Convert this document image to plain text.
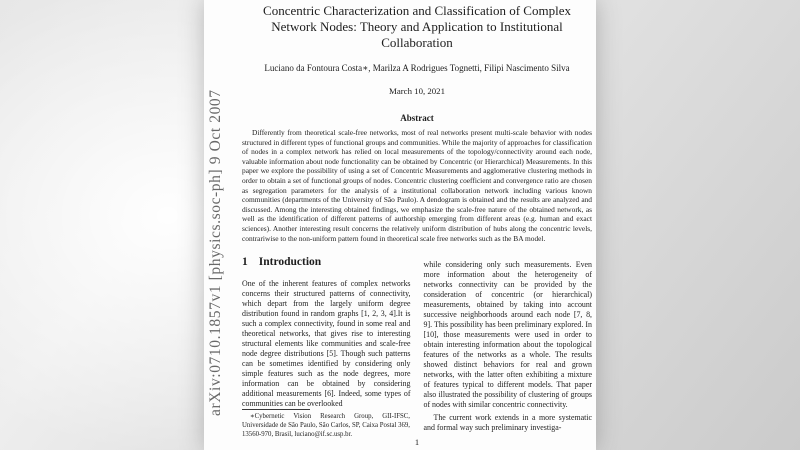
arXiv:0710.1857v1 [physics.soc-ph] 9 Oct 2007
Concentric Characterization and Classification of Complex Network Nodes: Theory and Application to Institutional Collaboration
Luciano da Fontoura Costa∗, Marilza A Rodrigues Tognetti, Filipi Nascimento Silva
March 10, 2021
Abstract

Differently from theoretical scale-free networks, most of real networks present multi-scale behavior with nodes structured in different types of functional groups and communities. While the majority of approaches for classification of nodes in a complex network has relied on local measurements of the topology/connectivity around each node, valuable information about node functionality can be obtained by Concentric (or Hierarchical) Measurements. In this paper we explore the possibility of using a set of Concentric Measurements and agglomerative clustering methods in order to obtain a set of functional groups of nodes. Concentric clustering coefficient and convergence ratio are chosen as segregation parameters for the analysis of a institutional collaboration network including various known communities (departments of the University of São Paulo). A dendogram is obtained and the results are analyzed and discussed. Among the interesting obtained findings, we emphasize the scale-free nature of the obtained network, as well as the identification of different patterns of authorship emerging from different areas (e.g. human and exact sciences). Another interesting result concerns the relatively uniform distribution of hubs along the concentric levels, contrariwise to the non-uniform pattern found in theoretical scale free networks such as the BA model.

1 Introduction

One of the inherent features of complex networks concerns their structured patterns of connectivity, which depart from the largely uniform degree distribution found in random graphs [1, 2, 3, 4].It is such a complex connectivity, found in some real and theoretical networks, that gives rise to interesting structural elements like communities and scale-free node degree distributions [5]. Though such patterns can be sometimes identified by considering only simple features such as the node degrees, more information can be obtained by considering additional measurements [6]. Indeed, some types of communities can be overlooked

while considering only such measurements. Even more information about the heterogeneity of networks connectivity can be provided by the consideration of concentric (or hierarchical) measurements, obtained by taking into account successive neighborhoods around each node [7, 8, 9]. This possibility has been preliminary explored. In [10], those measurements were used in order to obtain interesting information about the topological features of the networks as a whole. The results showed distinct behaviors for real and grown networks, with the latter often exhibiting a mixture of features typical to different models. That paper also illustrated the possibility of clustering of groups of nodes with similar concentric connectivity.

The current work extends in a more systematic and formal way such preliminary investiga-

∗Cybernetic Vision Research Group, GII-IFSC, Universidade de São Paulo, São Carlos, SP, Caixa Postal 369, 13560-970, Brasil, luciano@if.sc.usp.br.

1
